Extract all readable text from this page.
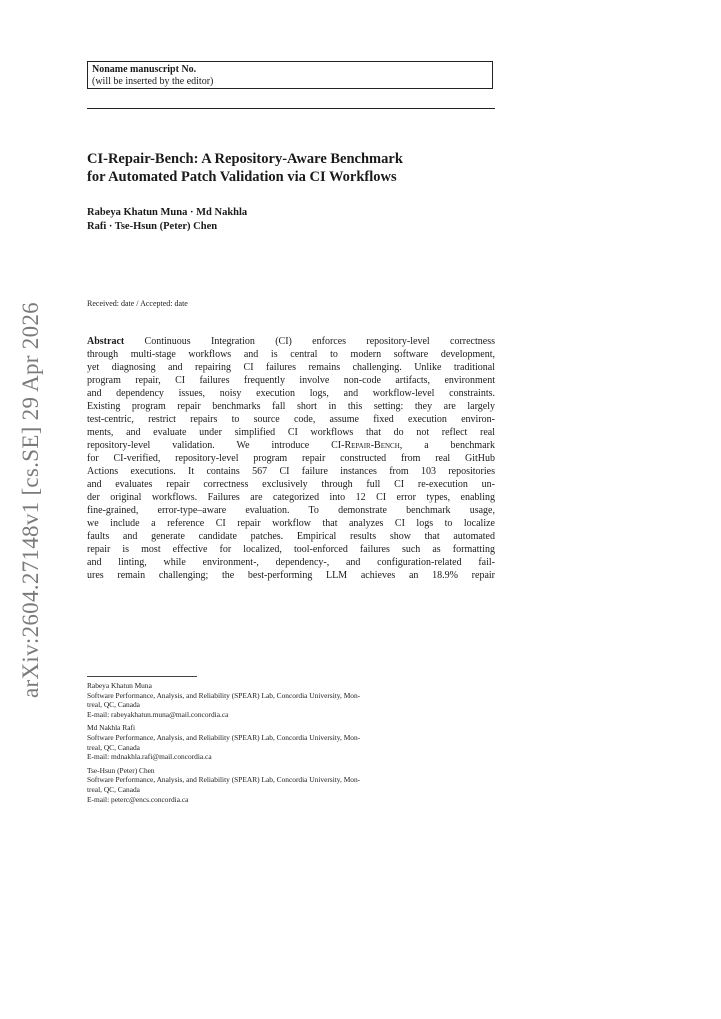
arXiv:2604.27148v1 [cs.SE] 29 Apr 2026
Noname manuscript No.
(will be inserted by the editor)
CI-Repair-Bench: A Repository-Aware Benchmark
for Automated Patch Validation via CI Workflows
Rabeya Khatun Muna · Md Nakhla
Rafi · Tse-Hsun (Peter) Chen
Received: date / Accepted: date
Abstract Continuous Integration (CI) enforces repository-level correctness
through multi-stage workflows and is central to modern software development,
yet diagnosing and repairing CI failures remains challenging. Unlike traditional
program repair, CI failures frequently involve non-code artifacts, environment
and dependency issues, noisy execution logs, and workflow-level constraints.
Existing program repair benchmarks fall short in this setting: they are largely
test-centric, restrict repairs to source code, assume fixed execution environ-
ments, and evaluate under simplified CI workflows that do not reflect real
repository-level validation. We introduce CI-Repair-Bench, a benchmark
for CI-verified, repository-level program repair constructed from real GitHub
Actions executions. It contains 567 CI failure instances from 103 repositories
and evaluates repair correctness exclusively through full CI re-execution un-
der original workflows. Failures are categorized into 12 CI error types, enabling
fine-grained, error-type–aware evaluation. To demonstrate benchmark usage,
we include a reference CI repair workflow that analyzes CI logs to localize
faults and generate candidate patches. Empirical results show that automated
repair is most effective for localized, tool-enforced failures such as formatting
and linting, while environment-, dependency-, and configuration-related fail-
ures remain challenging; the best-performing LLM achieves an 18.9% repair
Rabeya Khatun Muna
Software Performance, Analysis, and Reliability (SPEAR) Lab, Concordia University, Mon-
treal, QC, Canada
E-mail: rabeyakhatun.muna@mail.concordia.ca
Md Nakhla Rafi
Software Performance, Analysis, and Reliability (SPEAR) Lab, Concordia University, Mon-
treal, QC, Canada
E-mail: mdnakhla.rafi@mail.concordia.ca
Tse-Hsun (Peter) Chen
Software Performance, Analysis, and Reliability (SPEAR) Lab, Concordia University, Mon-
treal, QC, Canada
E-mail: peterc@encs.concordia.ca
